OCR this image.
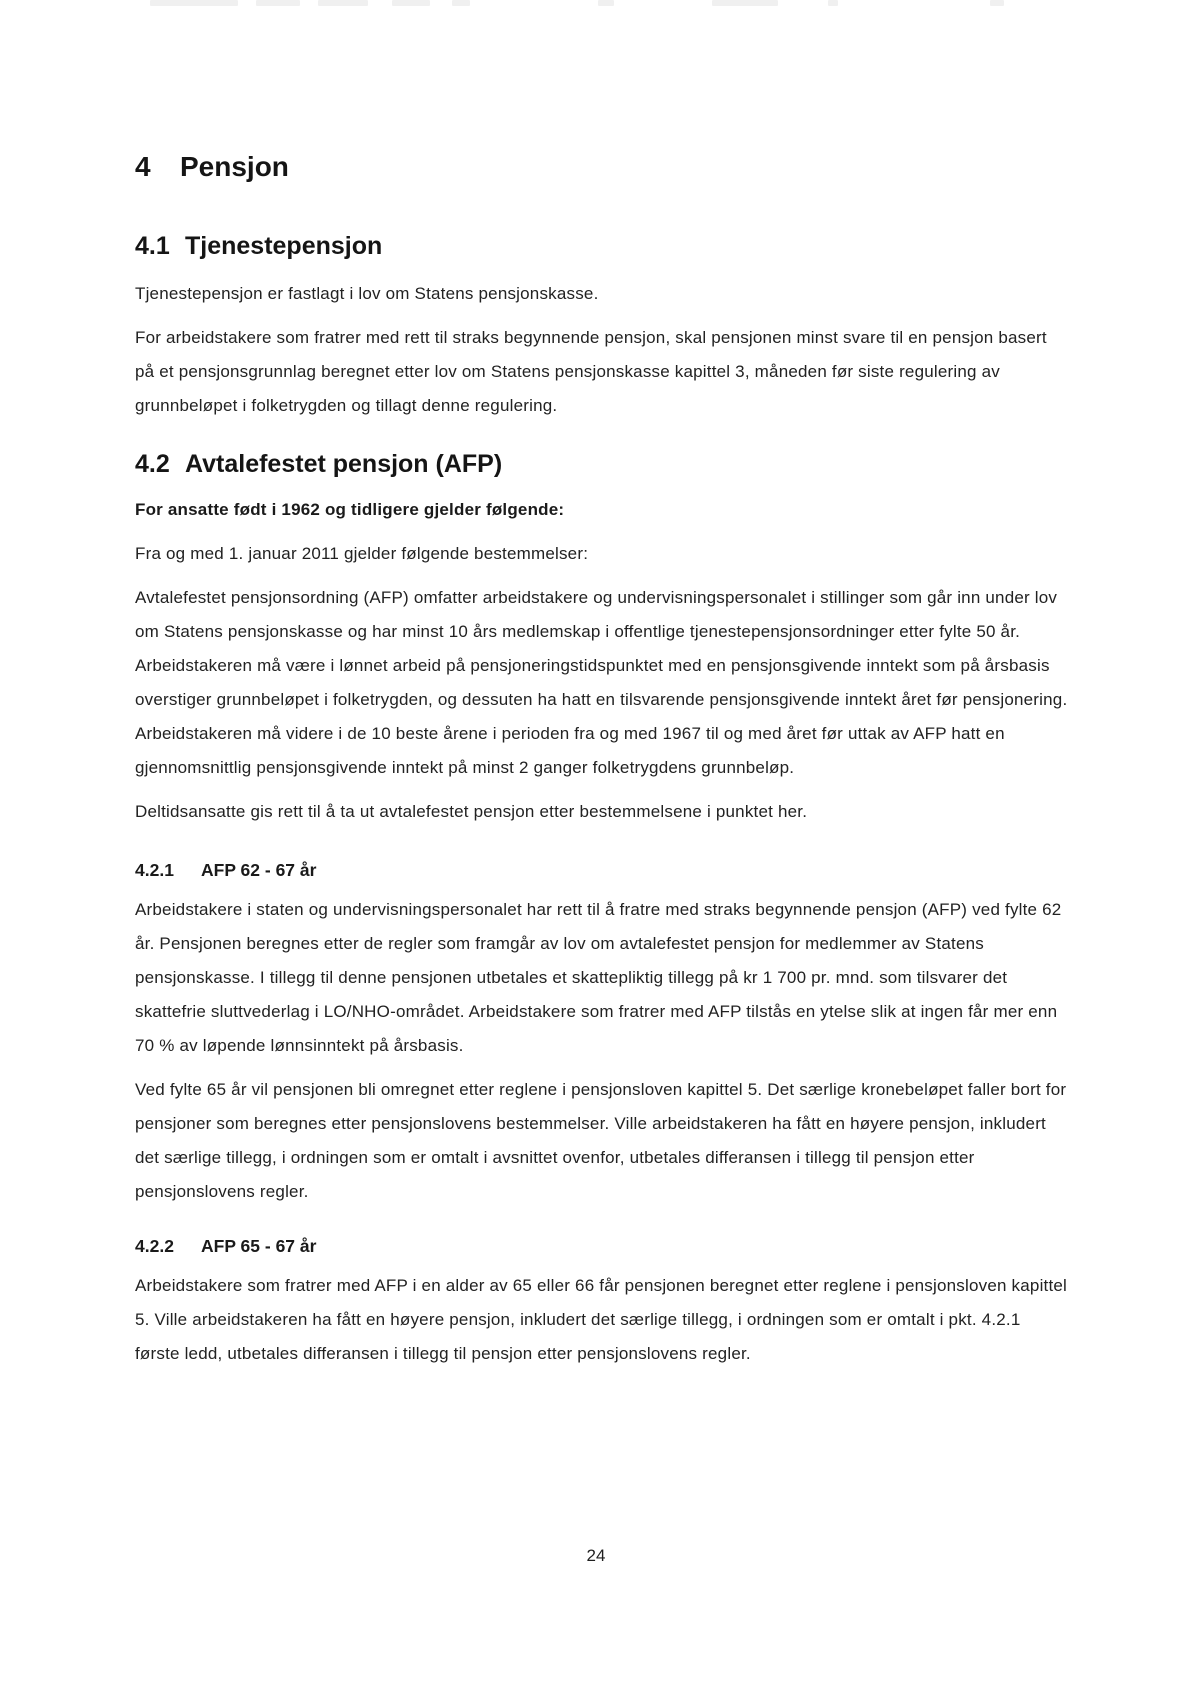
4	Pensjon
4.1 Tjenestepensjon

Tjenestepensjon er fastlagt i lov om Statens pensjonskasse.

For arbeidstakere som fratrer med rett til straks begynnende pensjon, skal pensjonen minst svare til en pensjon basert på et pensjonsgrunnlag beregnet etter lov om Statens pensjonskasse kapittel 3, måneden før siste regulering av grunnbeløpet i folketrygden og tillagt denne regulering.

4.2 Avtalefestet pensjon (AFP)

For ansatte født i 1962 og tidligere gjelder følgende:

Fra og med 1. januar 2011 gjelder følgende bestemmelser:

Avtalefestet pensjonsordning (AFP) omfatter arbeidstakere og undervisningspersonalet i stillinger som går inn under lov om Statens pensjonskasse og har minst 10 års medlemskap i offentlige tjenestepensjonsordninger etter fylte 50 år. Arbeidstakeren må være i lønnet arbeid på pensjoneringstidspunktet med en pensjonsgivende inntekt som på årsbasis overstiger grunnbeløpet i folketrygden, og dessuten ha hatt en tilsvarende pensjonsgivende inntekt året før pensjonering. Arbeidstakeren må videre i de 10 beste årene i perioden fra og med 1967 til og med året før uttak av AFP hatt en gjennomsnittlig pensjonsgivende inntekt på minst 2 ganger folketrygdens grunnbeløp.

Deltidsansatte gis rett til å ta ut avtalefestet pensjon etter bestemmelsene i punktet her.

4.2.1	AFP 62 - 67 år

Arbeidstakere i staten og undervisningspersonalet har rett til å fratre med straks begynnende pensjon (AFP) ved fylte 62 år. Pensjonen beregnes etter de regler som framgår av lov om avtalefestet pensjon for medlemmer av Statens pensjonskasse. I tillegg til denne pensjonen utbetales et skattepliktig tillegg på kr 1 700 pr. mnd. som tilsvarer det skattefrie sluttvederlag i LO/NHO-området. Arbeidstakere som fratrer med AFP tilstås en ytelse slik at ingen får mer enn 70 % av løpende lønnsinntekt på årsbasis.

Ved fylte 65 år vil pensjonen bli omregnet etter reglene i pensjonsloven kapittel 5. Det særlige kronebeløpet faller bort for pensjoner som beregnes etter pensjonslovens bestemmelser. Ville arbeidstakeren ha fått en høyere pensjon, inkludert det særlige tillegg, i ordningen som er omtalt i avsnittet ovenfor, utbetales differansen i tillegg til pensjon etter pensjonslovens regler.

4.2.2	AFP 65 - 67 år

Arbeidstakere som fratrer med AFP i en alder av 65 eller 66 får pensjonen beregnet etter reglene i pensjonsloven kapittel 5. Ville arbeidstakeren ha fått en høyere pensjon, inkludert det særlige tillegg, i ordningen som er omtalt i pkt. 4.2.1 første ledd, utbetales differansen i tillegg til pensjon etter pensjonslovens regler.

24
